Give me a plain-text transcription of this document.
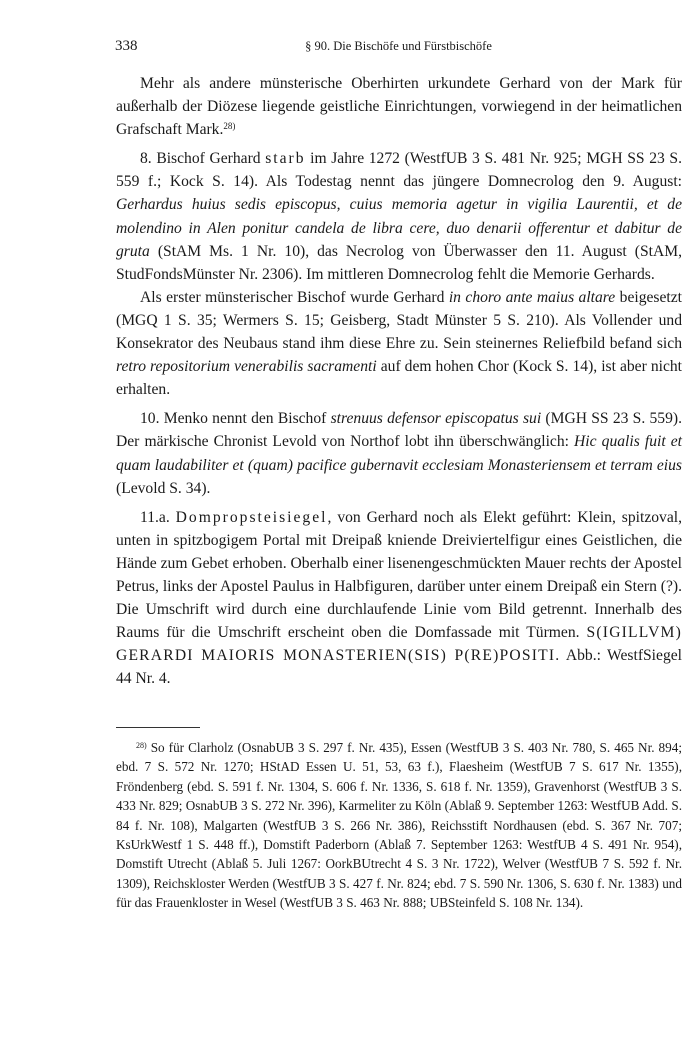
338	§ 90. Die Bischöfe und Fürstbischöfe

Mehr als andere münsterische Oberhirten urkundete Gerhard von der Mark für außerhalb der Diözese liegende geistliche Einrichtungen, vorwiegend in der heimatlichen Grafschaft Mark.$^{28)}$

8. Bischof Gerhard starb im Jahre 1272 (WestfUB 3 S. 481 Nr. 925; MGH SS 23 S. 559 f.; Kock S. 14). Als Todestag nennt das jüngere Domnecrolog den 9. August: Gerhardus huius sedis episcopus, cuius memoria agetur in vigilia Laurentii, et de molendino in Alen ponitur candela de libra cere, duo denarii offerentur et dabitur de gruta (StAM Ms. 1 Nr. 10), das Necrolog von Überwasser den 11. August (StAM, StudFondsMünster Nr. 2306). Im mittleren Domnecrolog fehlt die Memorie Gerhards.

Als erster münsterischer Bischof wurde Gerhard in choro ante maius altare beigesetzt (MGQ 1 S. 35; Wermers S. 15; Geisberg, Stadt Münster 5 S. 210). Als Vollender und Konsekrator des Neubaus stand ihm diese Ehre zu. Sein steinernes Reliefbild befand sich retro repositorium venerabilis sacramenti auf dem hohen Chor (Kock S. 14), ist aber nicht erhalten.

10. Menko nennt den Bischof strenuus defensor episcopatus sui (MGH SS 23 S. 559). Der märkische Chronist Levold von Northof lobt ihn überschwänglich: Hic qualis fuit et quam laudabiliter et (quam) pacifice gubernavit ecclesiam Monasteriensem et terram eius (Levold S. 34).

11.a. Dompropsteisiegel, von Gerhard noch als Elekt geführt: Klein, spitzoval, unten in spitzbogigem Portal mit Dreipaß kniende Dreiviertelfigur eines Geistlichen, die Hände zum Gebet erhoben. Oberhalb einer lisenengeschmückten Mauer rechts der Apostel Petrus, links der Apostel Paulus in Halbfiguren, darüber unter einem Dreipaß ein Stern (?). Die Umschrift wird durch eine durchlaufende Linie vom Bild getrennt. Innerhalb des Raums für die Umschrift erscheint oben die Domfassade mit Türmen. S(IGILLVM) GERARDI MAIORIS MONASTERIEN(SIS) P(RE)POSITI. Abb.: WestfSiegel 44 Nr. 4.

$^{28)}$ So für Clarholz (OsnabUB 3 S. 297 f. Nr. 435), Essen (WestfUB 3 S. 403 Nr. 780, S. 465 Nr. 894; ebd. 7 S. 572 Nr. 1270; HStAD Essen U. 51, 53, 63 f.), Flaesheim (WestfUB 7 S. 617 Nr. 1355), Fröndenberg (ebd. S. 591 f. Nr. 1304, S. 606 f. Nr. 1336, S. 618 f. Nr. 1359), Gravenhorst (WestfUB 3 S. 433 Nr. 829; OsnabUB 3 S. 272 Nr. 396), Karmeliter zu Köln (Ablaß 9. September 1263: WestfUB Add. S. 84 f. Nr. 108), Malgarten (WestfUB 3 S. 266 Nr. 386), Reichsstift Nordhausen (ebd. S. 367 Nr. 707; KsUrkWestf 1 S. 448 ff.), Domstift Paderborn (Ablaß 7. September 1263: WestfUB 4 S. 491 Nr. 954), Domstift Utrecht (Ablaß 5. Juli 1267: OorkBUtrecht 4 S. 3 Nr. 1722), Welver (WestfUB 7 S. 592 f. Nr. 1309), Reichskloster Werden (WestfUB 3 S. 427 f. Nr. 824; ebd. 7 S. 590 Nr. 1306, S. 630 f. Nr. 1383) und für das Frauenkloster in Wesel (WestfUB 3 S. 463 Nr. 888; UBSteinfeld S. 108 Nr. 134).
